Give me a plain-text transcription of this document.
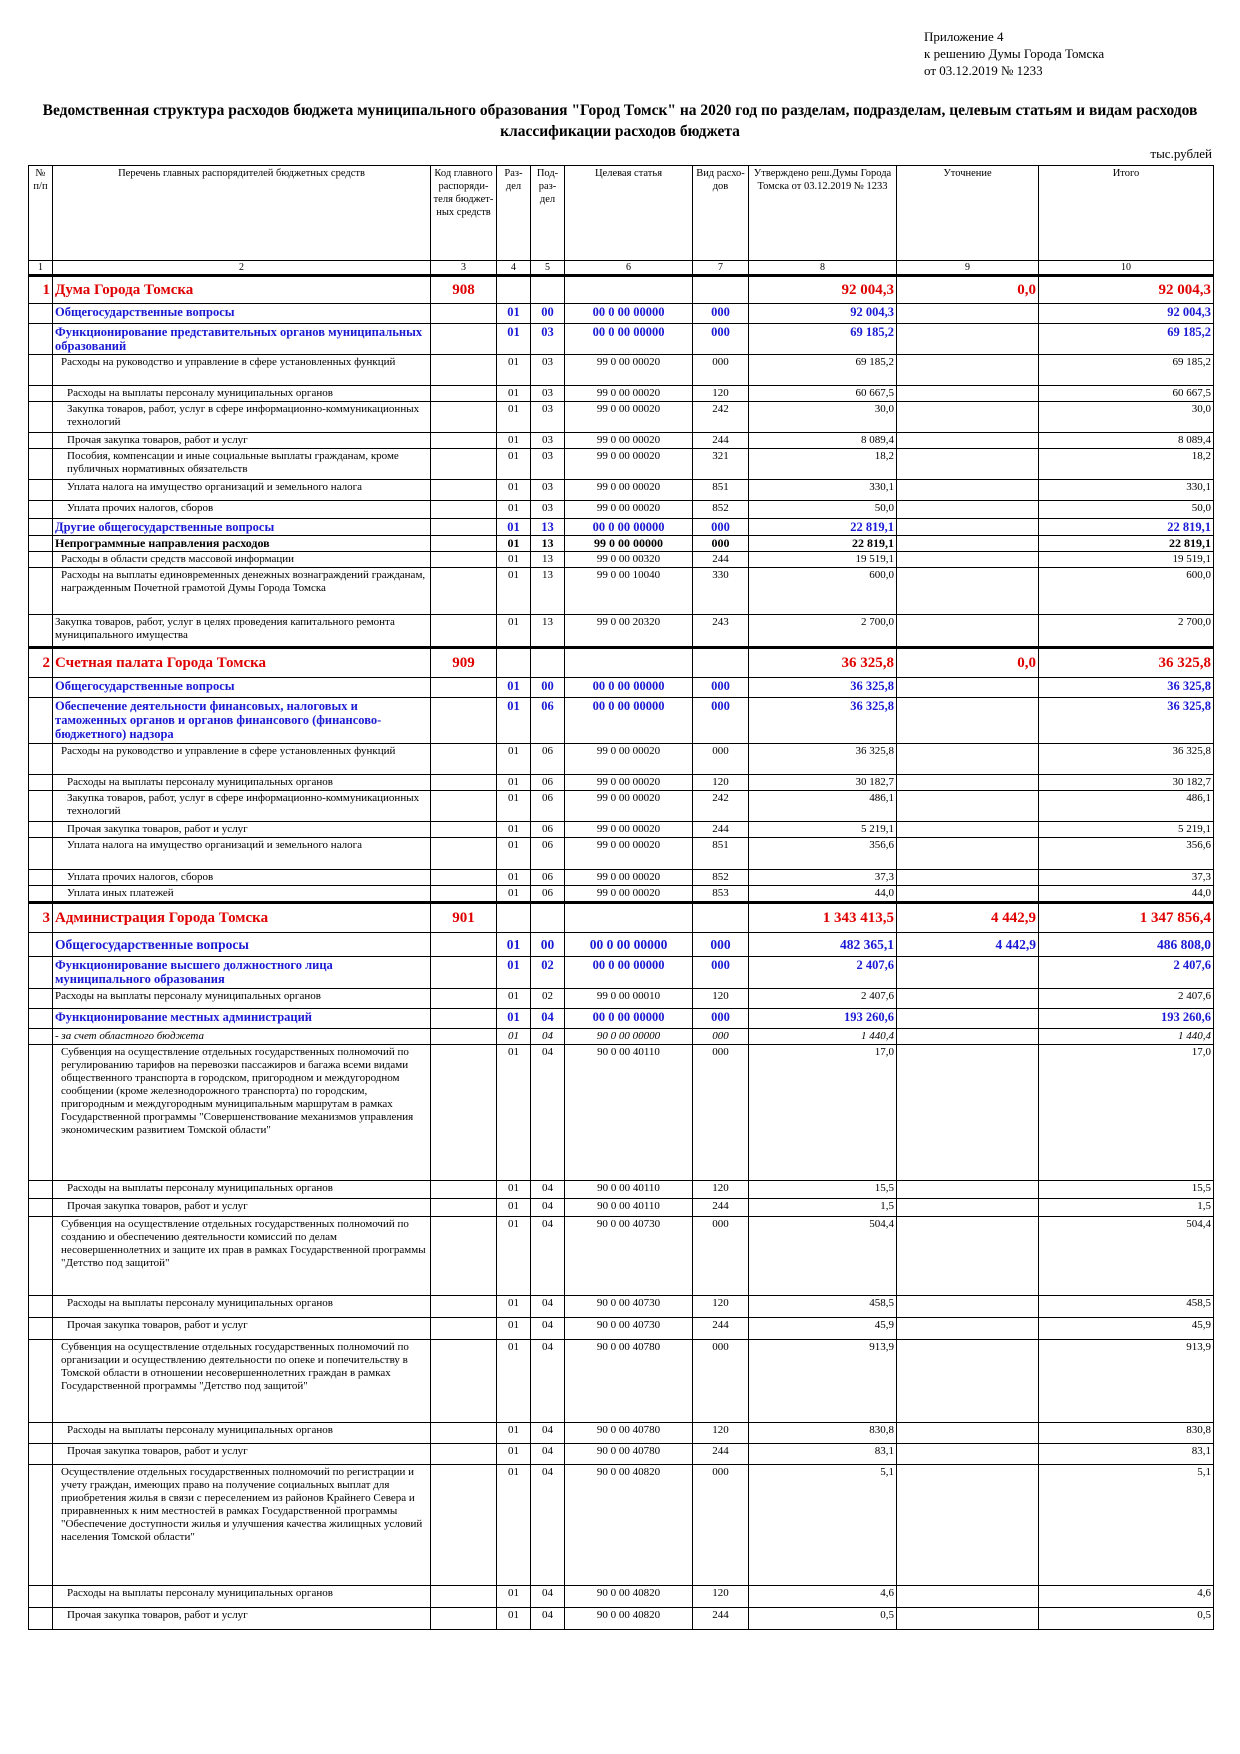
Приложение 4
к решению Думы Города Томска
от 03.12.2019 № 1233
Ведомственная структура расходов бюджета муниципального образования "Город Томск" на 2020 год по разделам, подразделам, целевым статьям и видам расходов классификации расходов бюджета
тыс.рублей
№ п/п	Перечень главных распорядителей бюджетных средств	Код главного распоряди-теля бюджет-ных средств	Раз-дел	Под-раз-дел	Целевая статья	Вид расхо-дов	Утверждено реш.Думы Города Томска от 03.12.2019 № 1233	Уточнение	Итого
1	2	3	4	5	6	7	8	9	10
1	Дума Города Томска	908					92 004,3	0,0	92 004,3
	Общегосударственные вопросы		01	00	00 0 00 00000	000	92 004,3		92 004,3
	Функционирование представительных органов муниципальных образований		01	03	00 0 00 00000	000	69 185,2		69 185,2
	Расходы на руководство и управление в сфере установленных функций		01	03	99 0 00 00020	000	69 185,2		69 185,2
	Расходы на выплаты персоналу муниципальных органов		01	03	99 0 00 00020	120	60 667,5		60 667,5
	Закупка товаров, работ, услуг в сфере информационно-коммуникационных технологий		01	03	99 0 00 00020	242	30,0		30,0
	Прочая закупка товаров, работ и услуг		01	03	99 0 00 00020	244	8 089,4		8 089,4
	Пособия, компенсации и иные социальные выплаты гражданам, кроме публичных нормативных обязательств		01	03	99 0 00 00020	321	18,2		18,2
	Уплата налога на имущество организаций и земельного налога		01	03	99 0 00 00020	851	330,1		330,1
	Уплата прочих налогов, сборов		01	03	99 0 00 00020	852	50,0		50,0
	Другие общегосударственные вопросы		01	13	00 0 00 00000	000	22 819,1		22 819,1
	Непрограммные направления расходов		01	13	99 0 00 00000	000	22 819,1		22 819,1
	Расходы в области средств массовой информации		01	13	99 0 00 00320	244	19 519,1		19 519,1
	Расходы на выплаты единовременных денежных вознаграждений гражданам, награжденным Почетной грамотой Думы Города Томска		01	13	99 0 00 10040	330	600,0		600,0
	Закупка товаров, работ, услуг в целях проведения капитального ремонта муниципального имущества		01	13	99 0 00 20320	243	2 700,0		2 700,0
2	Счетная палата Города Томска	909					36 325,8	0,0	36 325,8
	Общегосударственные вопросы		01	00	00 0 00 00000	000	36 325,8		36 325,8
	Обеспечение деятельности финансовых, налоговых и таможенных органов и органов финансового (финансово-бюджетного) надзора		01	06	00 0 00 00000	000	36 325,8		36 325,8
	Расходы на руководство и управление в сфере установленных функций		01	06	99 0 00 00020	000	36 325,8		36 325,8
	Расходы на выплаты персоналу муниципальных органов		01	06	99 0 00 00020	120	30 182,7		30 182,7
	Закупка товаров, работ, услуг в сфере информационно-коммуникационных технологий		01	06	99 0 00 00020	242	486,1		486,1
	Прочая закупка товаров, работ и услуг		01	06	99 0 00 00020	244	5 219,1		5 219,1
	Уплата налога на имущество организаций и земельного налога		01	06	99 0 00 00020	851	356,6		356,6
	Уплата прочих налогов, сборов		01	06	99 0 00 00020	852	37,3		37,3
	Уплата иных платежей		01	06	99 0 00 00020	853	44,0		44,0
3	Администрация Города Томска	901					1 343 413,5	4 442,9	1 347 856,4
	Общегосударственные вопросы		01	00	00 0 00 00000	000	482 365,1	4 442,9	486 808,0
	Функционирование высшего должностного лица муниципального образования		01	02	00 0 00 00000	000	2 407,6		2 407,6
	Расходы на выплаты персоналу муниципальных органов		01	02	99 0 00 00010	120	2 407,6		2 407,6
	Функционирование местных администраций		01	04	00 0 00 00000	000	193 260,6		193 260,6
	- за счет областного бюджета		01	04	90 0 00 00000	000	1 440,4		1 440,4
	Субвенция на осуществление отдельных государственных полномочий по регулированию тарифов на перевозки пассажиров и багажа всеми видами общественного транспорта в городском, пригородном и междугородном сообщении (кроме железнодорожного транспорта) по городским, пригородным и междугородным муниципальным маршрутам в рамках Государственной программы "Совершенствование механизмов управления экономическим развитием Томской области"		01	04	90 0 00 40110	000	17,0		17,0
	Расходы на выплаты персоналу муниципальных органов		01	04	90 0 00 40110	120	15,5		15,5
	Прочая закупка товаров, работ и услуг		01	04	90 0 00 40110	244	1,5		1,5
	Субвенция на осуществление отдельных государственных полномочий по созданию и обеспечению деятельности комиссий по делам несовершеннолетних и защите их прав в рамках Государственной программы "Детство под защитой"		01	04	90 0 00 40730	000	504,4		504,4
	Расходы на выплаты персоналу муниципальных органов		01	04	90 0 00 40730	120	458,5		458,5
	Прочая закупка товаров, работ и услуг		01	04	90 0 00 40730	244	45,9		45,9
	Субвенция на осуществление отдельных государственных полномочий по организации и осуществлению деятельности по опеке и попечительству в Томской области в отношении несовершеннолетних граждан в рамках Государственной программы "Детство под защитой"		01	04	90 0 00 40780	000	913,9		913,9
	Расходы на выплаты персоналу муниципальных органов		01	04	90 0 00 40780	120	830,8		830,8
	Прочая закупка товаров, работ и услуг		01	04	90 0 00 40780	244	83,1		83,1
	Осуществление отдельных государственных полномочий по регистрации и учету граждан, имеющих право на получение социальных выплат для приобретения жилья в связи с переселением из районов Крайнего Севера и приравненных к ним местностей в рамках Государственной программы "Обеспечение доступности жилья и улучшения качества жилищных условий населения Томской области"		01	04	90 0 00 40820	000	5,1		5,1
	Расходы на выплаты персоналу муниципальных органов		01	04	90 0 00 40820	120	4,6		4,6
	Прочая закупка товаров, работ и услуг		01	04	90 0 00 40820	244	0,5		0,5
